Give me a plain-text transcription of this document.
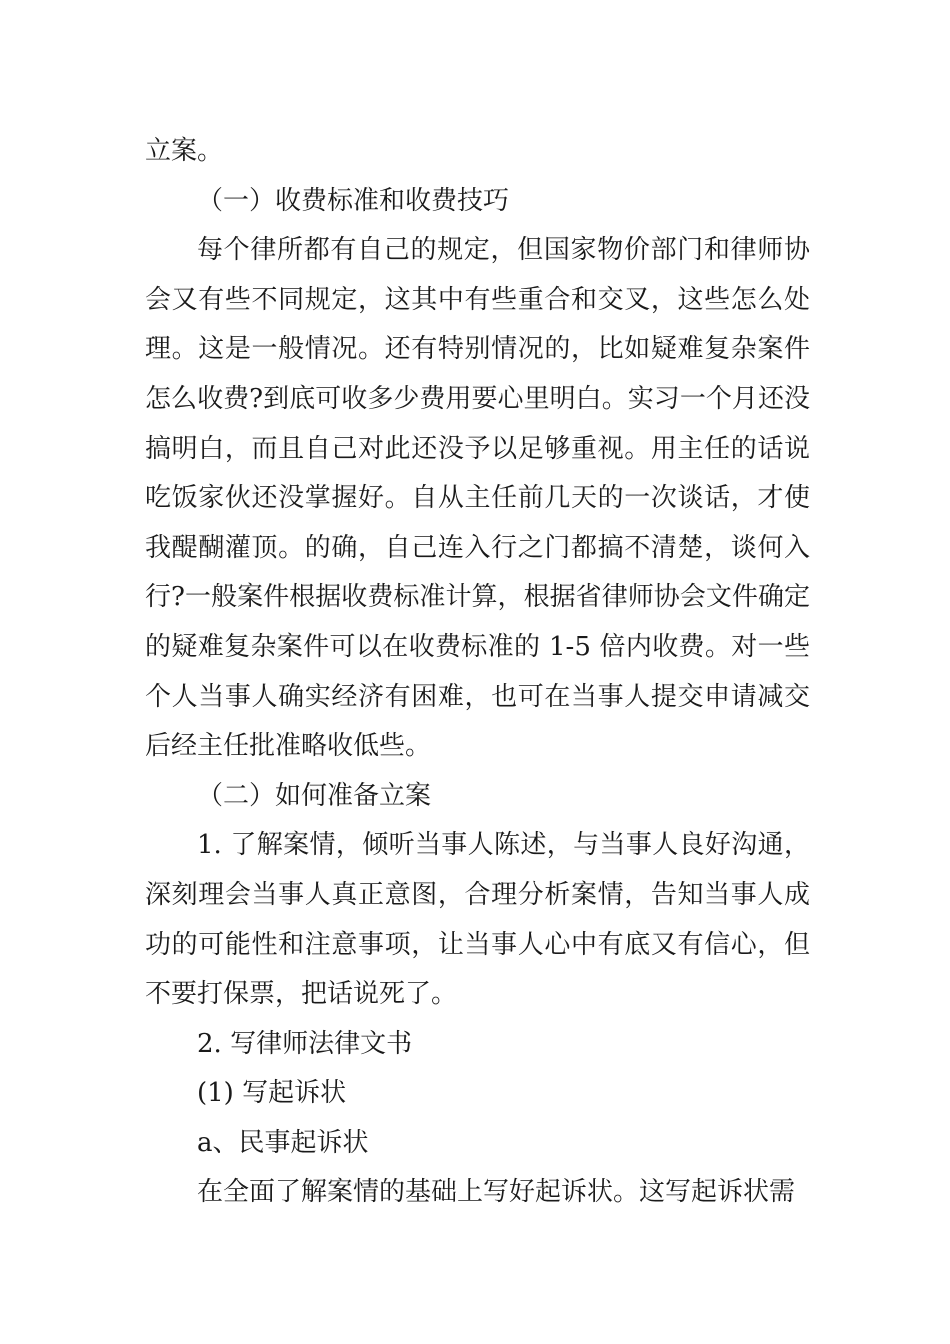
立案。

（一）收费标准和收费技巧

每个律所都有自己的规定，但国家物价部门和律师协会又有些不同规定，这其中有些重合和交叉，这些怎么处理。这是一般情况。还有特别情况的，比如疑难复杂案件怎么收费?到底可收多少费用要心里明白。实习一个月还没搞明白，而且自己对此还没予以足够重视。用主任的话说吃饭家伙还没掌握好。自从主任前几天的一次谈话，才使我醍醐灌顶。的确，自己连入行之门都搞不清楚，谈何入行?一般案件根据收费标准计算，根据省律师协会文件确定的疑难复杂案件可以在收费标准的 1-5 倍内收费。对一些个人当事人确实经济有困难，也可在当事人提交申请减交后经主任批准略收低些。

（二）如何准备立案

1. 了解案情，倾听当事人陈述，与当事人良好沟通，深刻理会当事人真正意图，合理分析案情，告知当事人成功的可能性和注意事项，让当事人心中有底又有信心，但不要打保票，把话说死了。

2. 写律师法律文书

(1) 写起诉状

a、民事起诉状

在全面了解案情的基础上写好起诉状。这写起诉状需
